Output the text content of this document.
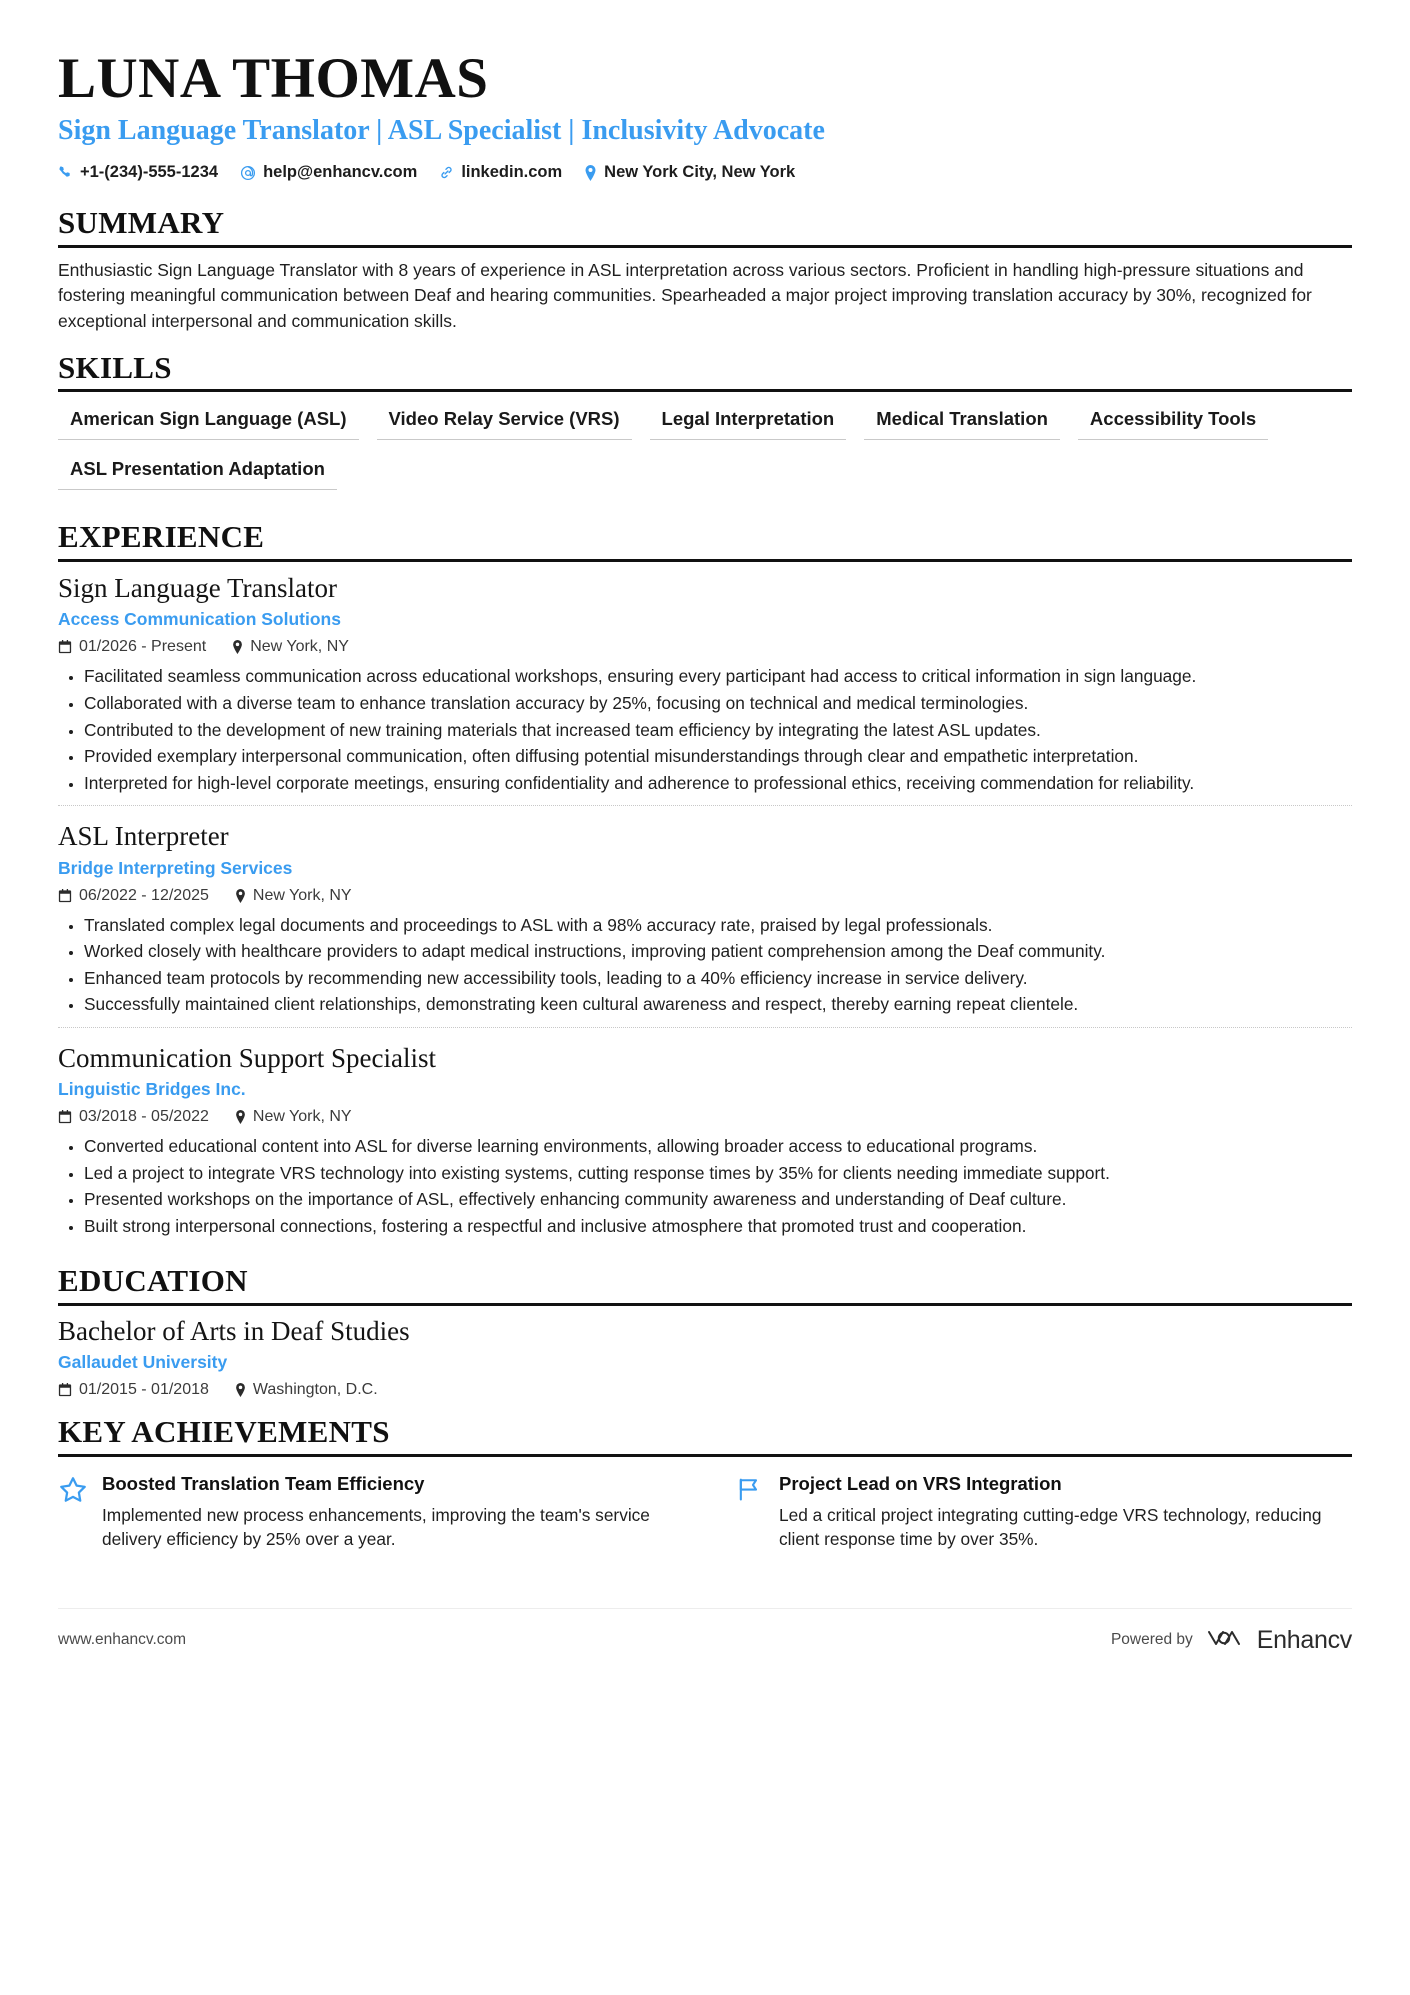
LUNA THOMAS
Sign Language Translator | ASL Specialist | Inclusivity Advocate
+1-(234)-555-1234	help@enhancv.com	linkedin.com	New York City, New York
SUMMARY
Enthusiastic Sign Language Translator with 8 years of experience in ASL interpretation across various sectors. Proficient in handling high-pressure situations and fostering meaningful communication between Deaf and hearing communities. Spearheaded a major project improving translation accuracy by 30%, recognized for exceptional interpersonal and communication skills.
SKILLS
American Sign Language (ASL)	Video Relay Service (VRS)	Legal Interpretation	Medical Translation	Accessibility Tools
ASL Presentation Adaptation
EXPERIENCE
Sign Language Translator
Access Communication Solutions
01/2026 - Present	New York, NY
• Facilitated seamless communication across educational workshops, ensuring every participant had access to critical information in sign language.
• Collaborated with a diverse team to enhance translation accuracy by 25%, focusing on technical and medical terminologies.
• Contributed to the development of new training materials that increased team efficiency by integrating the latest ASL updates.
• Provided exemplary interpersonal communication, often diffusing potential misunderstandings through clear and empathetic interpretation.
• Interpreted for high-level corporate meetings, ensuring confidentiality and adherence to professional ethics, receiving commendation for reliability.
ASL Interpreter
Bridge Interpreting Services
06/2022 - 12/2025	New York, NY
• Translated complex legal documents and proceedings to ASL with a 98% accuracy rate, praised by legal professionals.
• Worked closely with healthcare providers to adapt medical instructions, improving patient comprehension among the Deaf community.
• Enhanced team protocols by recommending new accessibility tools, leading to a 40% efficiency increase in service delivery.
• Successfully maintained client relationships, demonstrating keen cultural awareness and respect, thereby earning repeat clientele.
Communication Support Specialist
Linguistic Bridges Inc.
03/2018 - 05/2022	New York, NY
• Converted educational content into ASL for diverse learning environments, allowing broader access to educational programs.
• Led a project to integrate VRS technology into existing systems, cutting response times by 35% for clients needing immediate support.
• Presented workshops on the importance of ASL, effectively enhancing community awareness and understanding of Deaf culture.
• Built strong interpersonal connections, fostering a respectful and inclusive atmosphere that promoted trust and cooperation.
EDUCATION
Bachelor of Arts in Deaf Studies
Gallaudet University
01/2015 - 01/2018	Washington, D.C.
KEY ACHIEVEMENTS
Boosted Translation Team Efficiency
Implemented new process enhancements, improving the team's service delivery efficiency by 25% over a year.
Project Lead on VRS Integration
Led a critical project integrating cutting-edge VRS technology, reducing client response time by over 35%.
www.enhancv.com	Powered by	Enhancv
